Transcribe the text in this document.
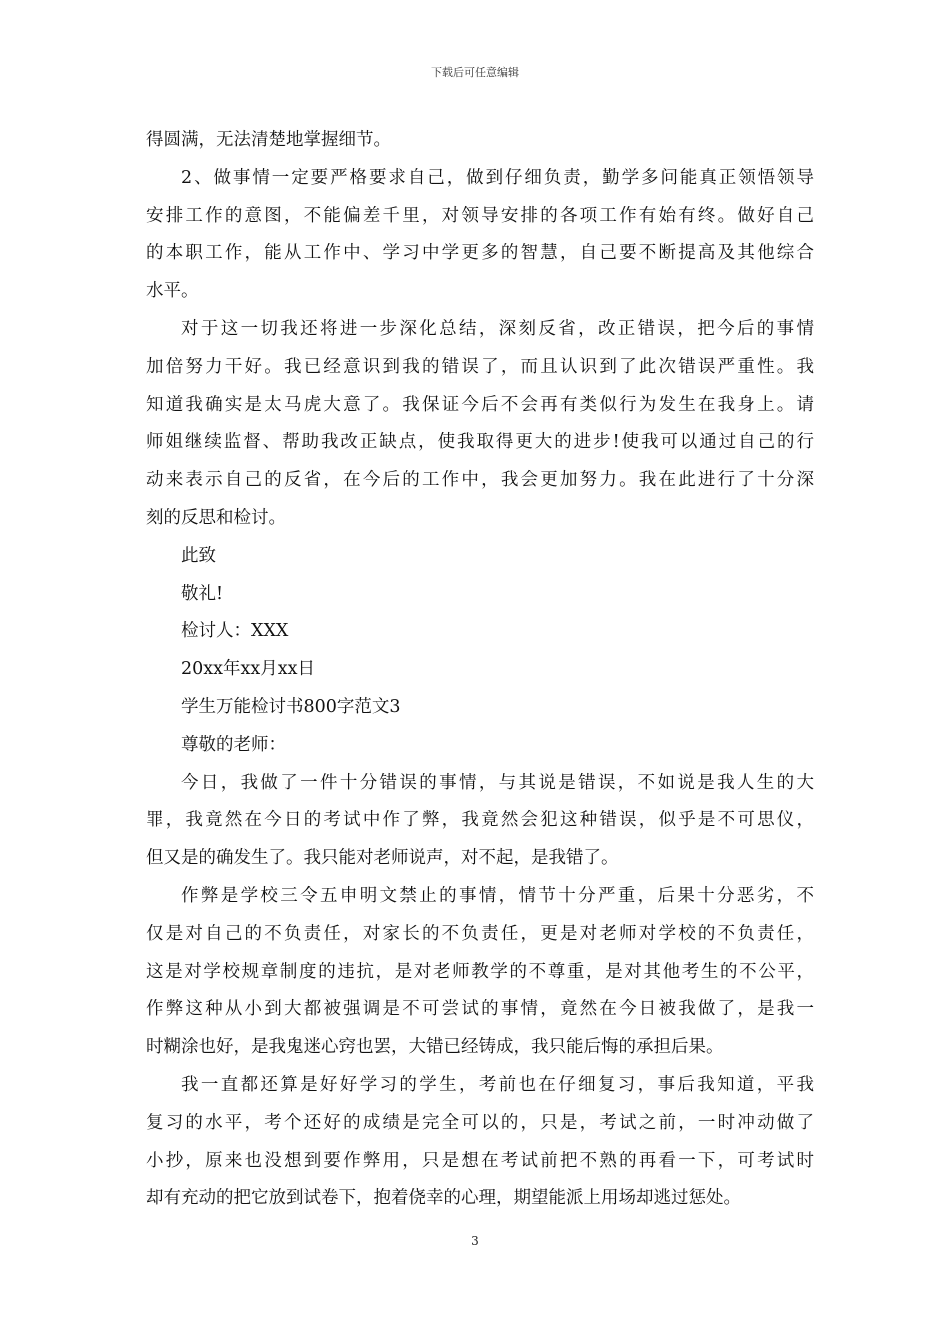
下载后可任意编辑
得圆满，无法清楚地掌握细节。
2、做事情一定要严格要求自己，做到仔细负责，勤学多问能真正领悟领导
安排工作的意图，不能偏差千里，对领导安排的各项工作有始有终。做好自己
的本职工作，能从工作中、学习中学更多的智慧，自己要不断提高及其他综合
水平。
对于这一切我还将进一步深化总结，深刻反省，改正错误，把今后的事情
加倍努力干好。我已经意识到我的错误了，而且认识到了此次错误严重性。我
知道我确实是太马虎大意了。我保证今后不会再有类似行为发生在我身上。请
师姐继续监督、帮助我改正缺点，使我取得更大的进步!使我可以通过自己的行
动来表示自己的反省，在今后的工作中，我会更加努力。我在此进行了十分深
刻的反思和检讨。
此致
敬礼!
检讨人：XXX
20xx年xx月xx日
学生万能检讨书800字范文3
尊敬的老师：
今日，我做了一件十分错误的事情，与其说是错误，不如说是我人生的大
罪，我竟然在今日的考试中作了弊，我竟然会犯这种错误，似乎是不可思仪，
但又是的确发生了。我只能对老师说声，对不起，是我错了。
作弊是学校三令五申明文禁止的事情，情节十分严重，后果十分恶劣，不
仅是对自己的不负责任，对家长的不负责任，更是对老师对学校的不负责任，
这是对学校规章制度的违抗，是对老师教学的不尊重，是对其他考生的不公平，
作弊这种从小到大都被强调是不可尝试的事情，竟然在今日被我做了，是我一
时糊涂也好，是我鬼迷心窍也罢，大错已经铸成，我只能后悔的承担后果。
我一直都还算是好好学习的学生，考前也在仔细复习，事后我知道，平我
复习的水平，考个还好的成绩是完全可以的，只是，考试之前，一时冲动做了
小抄，原来也没想到要作弊用，只是想在考试前把不熟的再看一下，可考试时
却有充动的把它放到试卷下，抱着侥幸的心理，期望能派上用场却逃过惩处。
3
